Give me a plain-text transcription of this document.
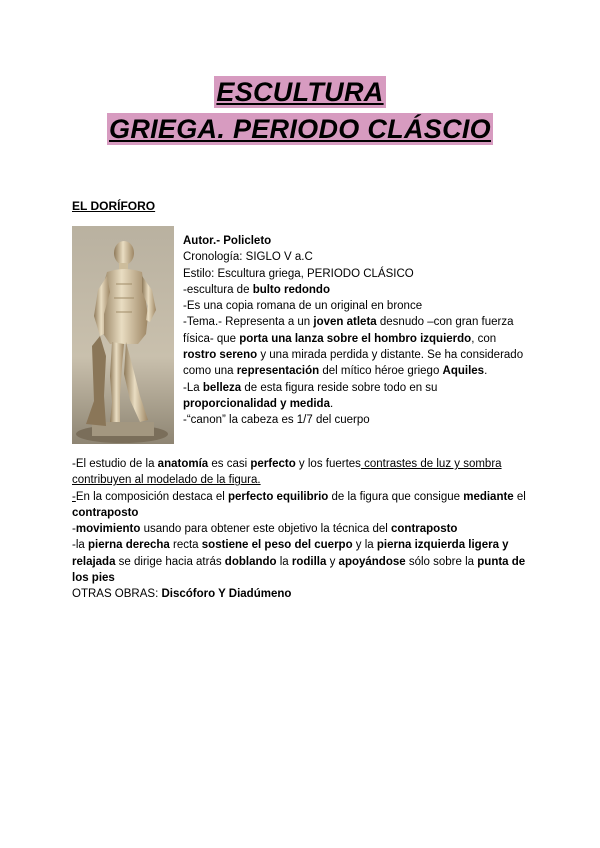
ESCULTURA
GRIEGA. PERIODO CLÁSCIO
EL DORÍFORO

Autor.- Policleto

Cronología: SIGLO V a.C

Estilo: Escultura griega, PERIODO CLÁSICO

-escultura de bulto redondo

-Es una copia romana de un original en bronce

-Tema.- Representa a un joven atleta desnudo –con gran fuerza física- que porta una lanza sobre el hombro izquierdo, con rostro sereno y una mirada perdida y distante. Se ha considerado como una representación del mítico héroe griego Aquiles.

-La belleza de esta figura reside sobre todo en su proporcionalidad y medida.

-“canon” la cabeza es 1/7 del cuerpo

-El estudio de la anatomía es casi perfecto y los fuertes contrastes de luz y sombra contribuyen al modelado de la figura.

-En la composición destaca el perfecto equilibrio de la figura que consigue mediante el contraposto

-movimiento usando para obtener este objetivo la técnica del contraposto

-la pierna derecha recta sostiene el peso del cuerpo y la pierna izquierda ligera y relajada se dirige hacia atrás doblando la rodilla y apoyándose sólo sobre la punta de los pies

OTRAS OBRAS: Discóforo Y Diadúmeno
